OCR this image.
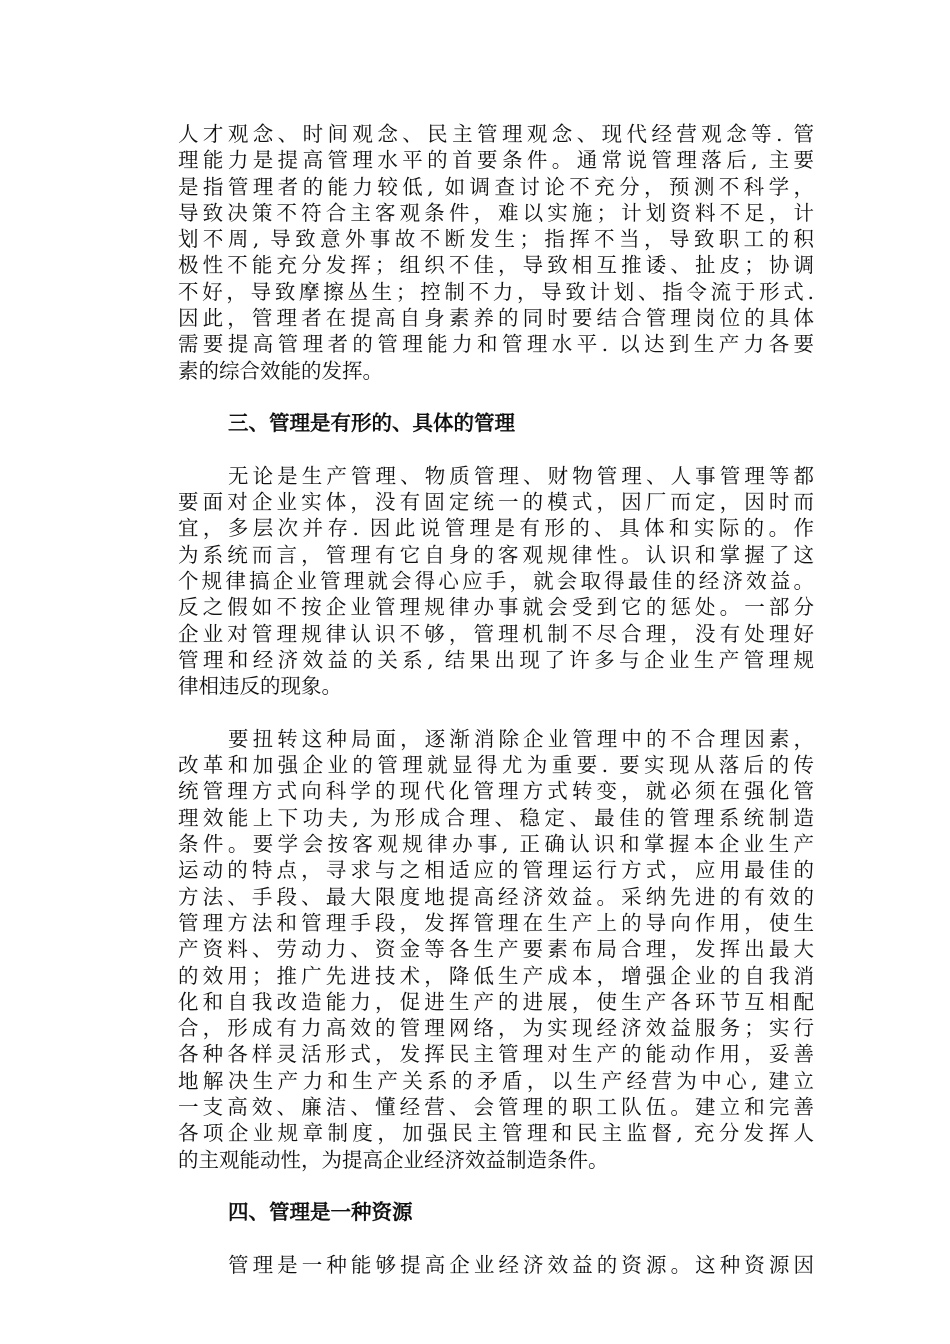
人才观念、时间观念、民主管理观念、现代经营观念等. 管
理能力是提高管理水平的首要条件。通常说管理落后, 主要
是指管理者的能力较低, 如调查讨论不充分，预测不科学，
导致决策不符合主客观条件，难以实施；计划资料不足，计
划不周, 导致意外事故不断发生；指挥不当，导致职工的积
极性不能充分发挥；组织不佳，导致相互推诿、扯皮；协调
不好，导致摩擦丛生；控制不力，导致计划、指令流于形式.
因此，管理者在提高自身素养的同时要结合管理岗位的具体
需要提高管理者的管理能力和管理水平. 以达到生产力各要
素的综合效能的发挥。
三、管理是有形的、具体的管理
无论是生产管理、物质管理、财物管理、人事管理等都
要面对企业实体，没有固定统一的模式，因厂而定，因时而
宜，多层次并存. 因此说管理是有形的、具体和实际的。作
为系统而言，管理有它自身的客观规律性。认识和掌握了这
个规律搞企业管理就会得心应手，就会取得最佳的经济效益。
反之假如不按企业管理规律办事就会受到它的惩处。一部分
企业对管理规律认识不够，管理机制不尽合理，没有处理好
管理和经济效益的关系, 结果出现了许多与企业生产管理规
律相违反的现象。
要扭转这种局面，逐渐消除企业管理中的不合理因素，
改革和加强企业的管理就显得尤为重要. 要实现从落后的传
统管理方式向科学的现代化管理方式转变，就必须在强化管
理效能上下功夫, 为形成合理、稳定、最佳的管理系统制造
条件。要学会按客观规律办事, 正确认识和掌握本企业生产
运动的特点，寻求与之相适应的管理运行方式，应用最佳的
方法、手段、最大限度地提高经济效益。采纳先进的有效的
管理方法和管理手段，发挥管理在生产上的导向作用，使生
产资料、劳动力、资金等各生产要素布局合理，发挥出最大
的效用；推广先进技术，降低生产成本，增强企业的自我消
化和自我改造能力，促进生产的进展，使生产各环节互相配
合，形成有力高效的管理网络，为实现经济效益服务；实行
各种各样灵活形式，发挥民主管理对生产的能动作用，妥善
地解决生产力和生产关系的矛盾，以生产经营为中心, 建立
一支高效、廉洁、懂经营、会管理的职工队伍。建立和完善
各项企业规章制度，加强民主管理和民主监督, 充分发挥人
的主观能动性，为提高企业经济效益制造条件。
四、管理是一种资源
管理是一种能够提高企业经济效益的资源。这种资源因
